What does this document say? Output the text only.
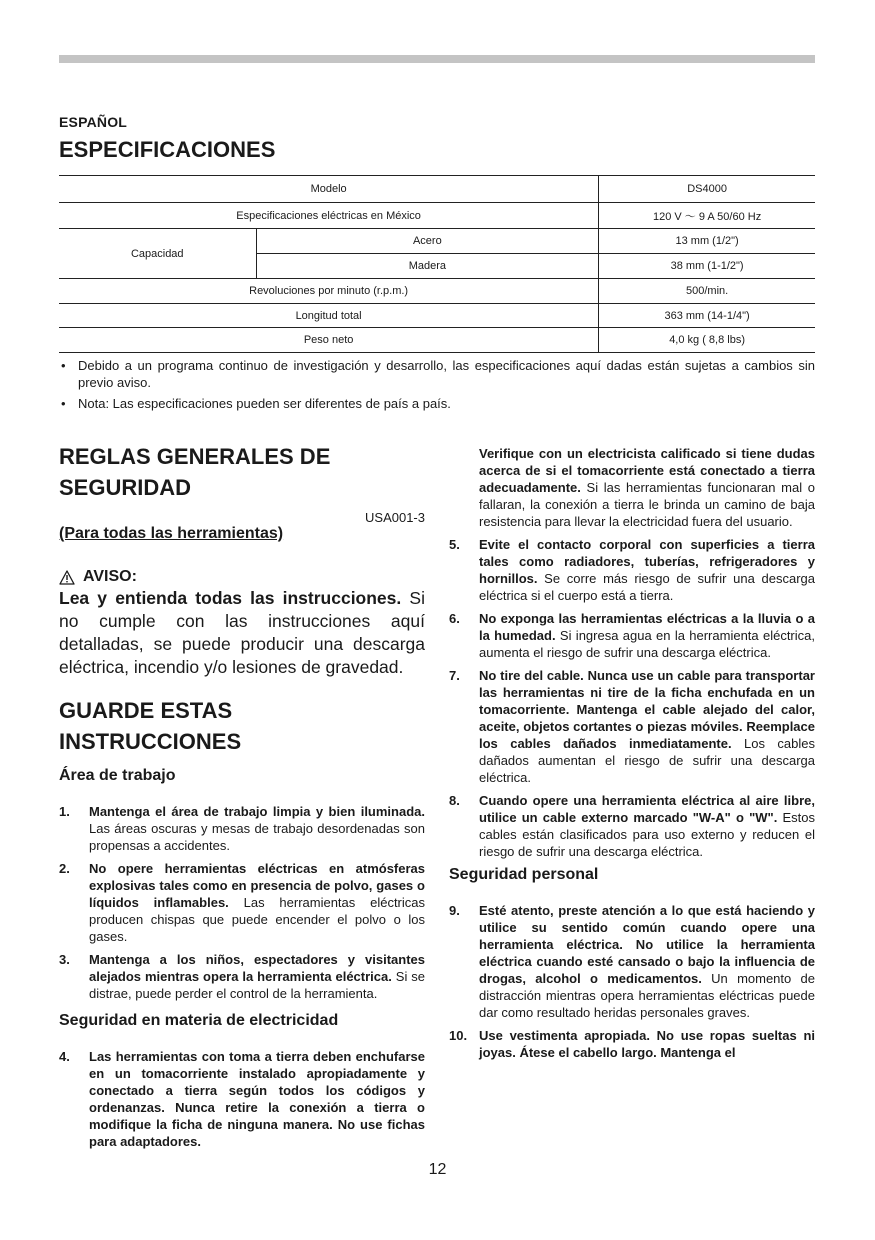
ESPAÑOL
ESPECIFICACIONES
Modelo		DS4000
Especificaciones eléctricas en México		120 V ～ 9 A 50/60 Hz
Capacidad	Acero	13 mm (1/2")
	Madera	38 mm (1-1/2")
Revoluciones por minuto (r.p.m.)		500/min.
Longitud total		363 mm (14-1/4")
Peso neto		4,0 kg ( 8,8 lbs)
• Debido a un programa continuo de investigación y desarrollo, las especificaciones aquí dadas están sujetas a cambios sin previo aviso.
• Nota: Las especificaciones pueden ser diferentes de país a país.
REGLAS GENERALES DE
SEGURIDAD
USA001-3
(Para todas las herramientas)
AVISO:

Lea y entienda todas las instrucciones. Si no cumple con las instrucciones aquí detalladas, se puede producir una descarga eléctrica, incendio y/o lesiones de gravedad.

GUARDE ESTAS
INSTRUCCIONES
Área de trabajo
1. Mantenga el área de trabajo limpia y bien iluminada. Las áreas oscuras y mesas de trabajo desordenadas son propensas a accidentes.
2. No opere herramientas eléctricas en atmósferas explosivas tales como en presencia de polvo, gases o líquidos inflamables. Las herramientas eléctricas producen chispas que puede encender el polvo o los gases.
3. Mantenga a los niños, espectadores y visitantes alejados mientras opera la herramienta eléctrica. Si se distrae, puede perder el control de la herramienta.
Seguridad en materia de electricidad
4. Las herramientas con toma a tierra deben enchufarse en un tomacorriente instalado apropiadamente y conectado a tierra según todos los códigos y ordenanzas. Nunca retire la conexión a tierra o modifique la ficha de ninguna manera. No use fichas para adaptadores.

Verifique con un electricista calificado si tiene dudas acerca de si el tomacorriente está conectado a tierra adecuadamente. Si las herramientas funcionaran mal o fallaran, la conexión a tierra le brinda un camino de baja resistencia para llevar la electricidad fuera del usuario.

5. Evite el contacto corporal con superficies a tierra tales como radiadores, tuberías, refrigeradores y hornillos. Se corre más riesgo de sufrir una descarga eléctrica si el cuerpo está a tierra.
6. No exponga las herramientas eléctricas a la lluvia o a la humedad. Si ingresa agua en la herramienta eléctrica, aumenta el riesgo de sufrir una descarga eléctrica.
7. No tire del cable. Nunca use un cable para transportar las herramientas ni tire de la ficha enchufada en un tomacorriente. Mantenga el cable alejado del calor, aceite, objetos cortantes o piezas móviles. Reemplace los cables dañados inmediatamente. Los cables dañados aumentan el riesgo de sufrir una descarga eléctrica.
8. Cuando opere una herramienta eléctrica al aire libre, utilice un cable externo marcado "W-A" o "W". Estos cables están clasificados para uso externo y reducen el riesgo de sufrir una descarga eléctrica.
Seguridad personal
9. Esté atento, preste atención a lo que está haciendo y utilice su sentido común cuando opere una herramienta eléctrica. No utilice la herramienta eléctrica cuando esté cansado o bajo la influencia de drogas, alcohol o medicamentos. Un momento de distracción mientras opera herramientas eléctricas puede dar como resultado heridas personales graves.
10. Use vestimenta apropiada. No use ropas sueltas ni joyas. Átese el cabello largo. Mantenga el
12
